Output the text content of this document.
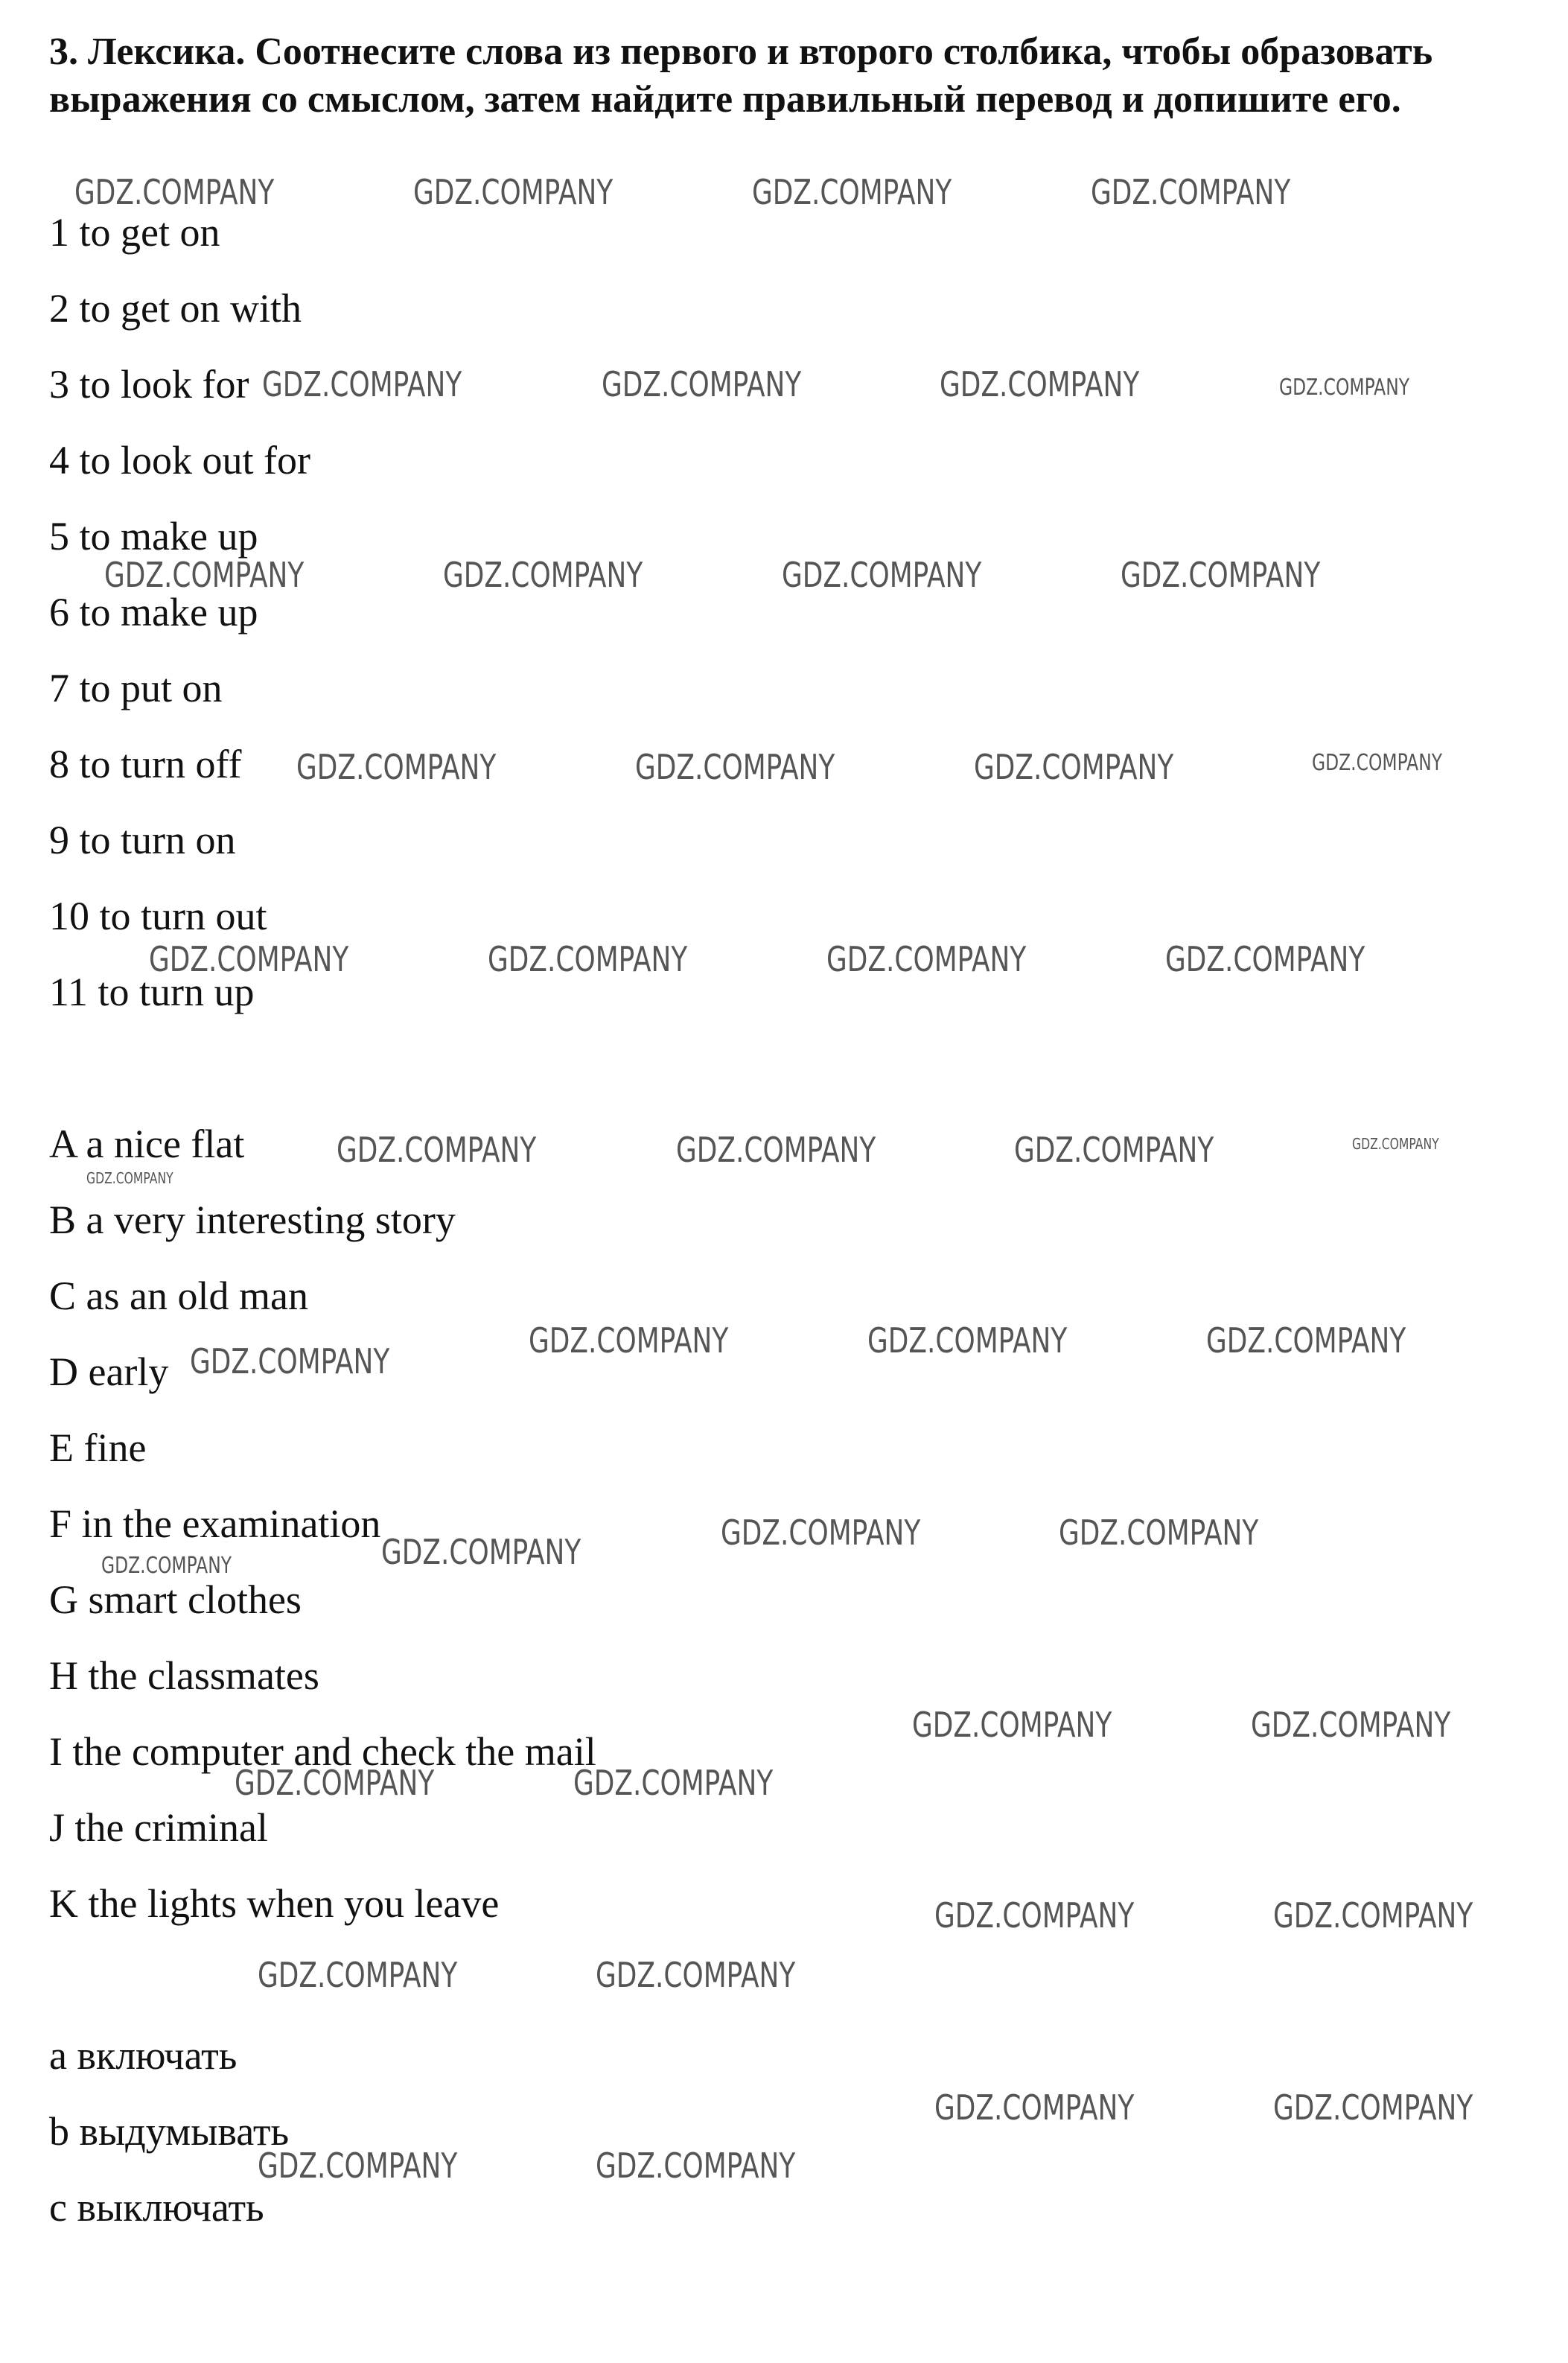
3. Лексика. Соотнесите слова из первого и второго столбика, чтобы образовать выражения со смыслом, затем найдите правильный перевод и допишите его.
1 to get on
2 to get on with
3 to look for
4 to look out for
5 to make up
6 to make up
7 to put on
8 to turn off
9 to turn on
10 to turn out
11 to turn up
A a nice flat
B a very interesting story
C as an old man
D early
E fine
F in the examination
G smart clothes
H the classmates
I the computer and check the mail
J the criminal
K the lights when you leave
a включать
b выдумывать
c выключать
GDZ.COMPANY	GDZ.COMPANY	GDZ.COMPANY	GDZ.COMPANY
GDZ.COMPANY	GDZ.COMPANY	GDZ.COMPANY	GDZ.COMPANY
GDZ.COMPANY	GDZ.COMPANY	GDZ.COMPANY	GDZ.COMPANY
GDZ.COMPANY	GDZ.COMPANY	GDZ.COMPANY	GDZ.COMPANY
GDZ.COMPANY	GDZ.COMPANY	GDZ.COMPANY	GDZ.COMPANY
GDZ.COMPANY	GDZ.COMPANY	GDZ.COMPANY	GDZ.COMPANY
GDZ.COMPANY
GDZ.COMPANY	GDZ.COMPANY	GDZ.COMPANY
GDZ.COMPANY
GDZ.COMPANY	GDZ.COMPANY
GDZ.COMPANY
GDZ.COMPANY
GDZ.COMPANY	GDZ.COMPANY
GDZ.COMPANY	GDZ.COMPANY
GDZ.COMPANY	GDZ.COMPANY
GDZ.COMPANY	GDZ.COMPANY
GDZ.COMPANY	GDZ.COMPANY
GDZ.COMPANY	GDZ.COMPANY
